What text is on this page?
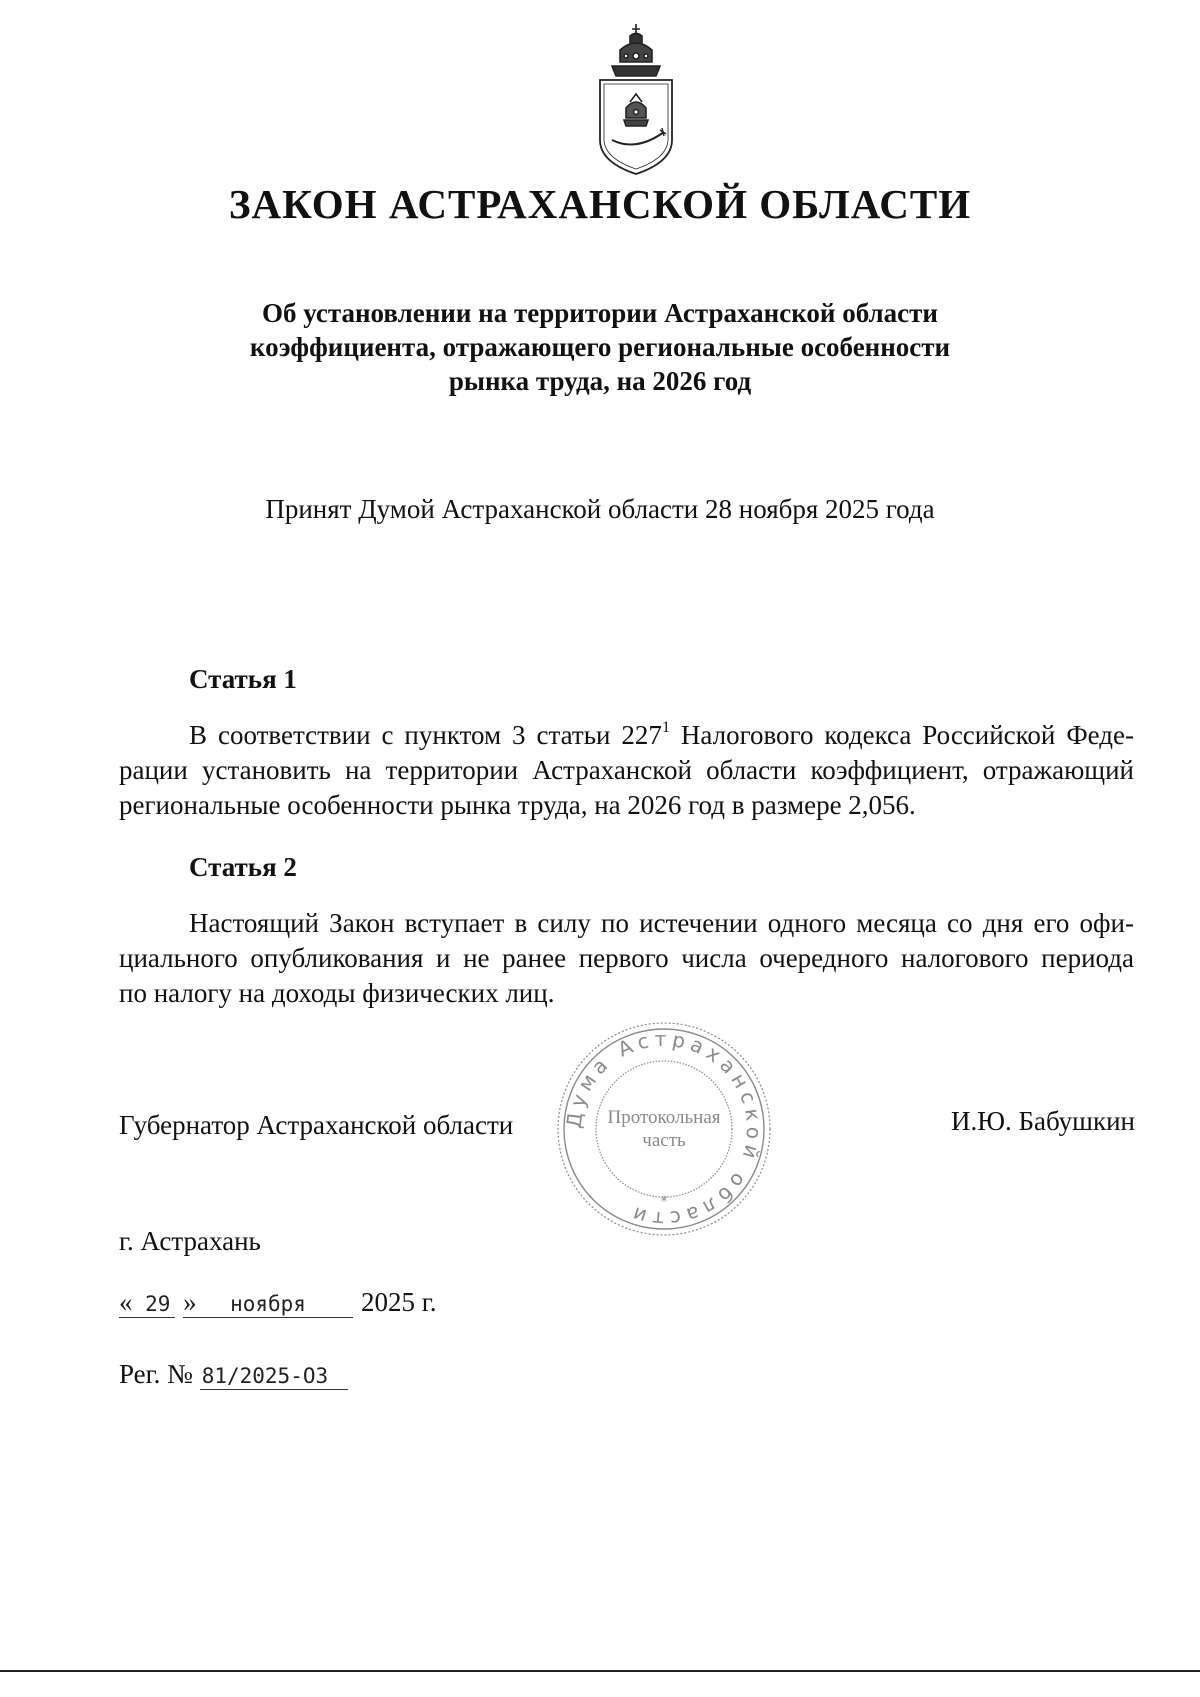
ЗАКОН АСТРАХАНСКОЙ ОБЛАСТИ
Об установлении на территории Астраханской области
коэффициента, отражающего региональные особенности
рынка труда, на 2026 год
Принят Думой Астраханской области 28 ноября 2025 года
Статья 1
В соответствии с пунктом 3 статьи $227^1$ Налогового кодекса Российской Феде-
рации установить на территории Астраханской области коэффициент, отражающий
региональные особенности рынка труда, на 2026 год в размере 2,056.
Статья 2
Настоящий Закон вступает в силу по истечении одного месяца со дня его офи-
циального опубликования и не ранее первого числа очередного налогового периода
по налогу на доходы физических лиц.
Губернатор Астраханской области	И.Ю. Бабушкин
Дума Астраханской области
Протокольная
часть
*
г. Астрахань
« 29 » ноября 2025 г.
Рег. № 81/2025-ОЗ
